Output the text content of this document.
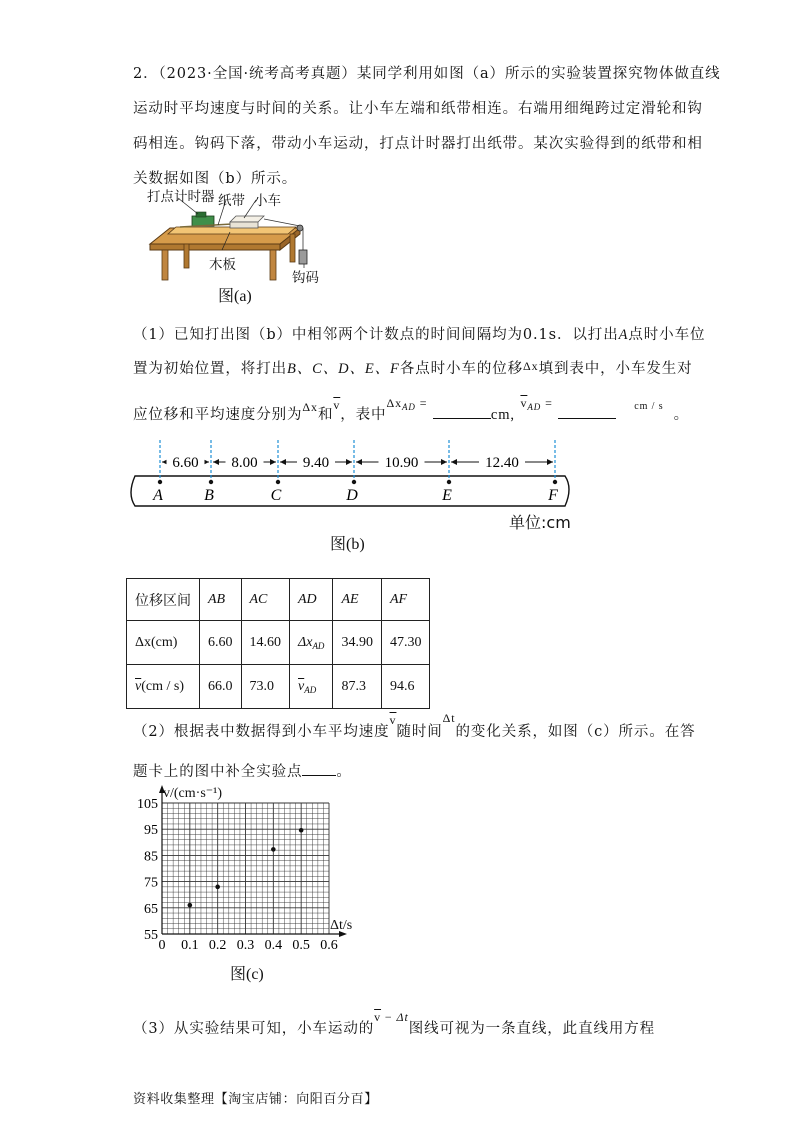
2．（2023·全国·统考高考真题）某同学利用如图（a）所示的实验装置探究物体做直线
运动时平均速度与时间的关系。让小车左端和纸带相连。右端用细绳跨过定滑轮和钩
码相连。钩码下落，带动小车运动，打点计时器打出纸带。某次实验得到的纸带和相
关数据如图（b）所示。
打点计时器 纸带 小车
木板
钩码
图(a)
（1）已知打出图（b）中相邻两个计数点的时间间隔均为0.1s．以打出A点时小车位
置为初始位置，将打出B、C、D、E、F各点时小车的位移$^{\Delta x}$填到表中，小车发生对
应位移和平均速度分别为$^{\Delta x}$和$^{\overline{v}}$，表中$^{\Delta x_{AD} =}$ cm, $^{\overline{v}_{AD} =}$	$^{cm / s}$。
A	B	C	D	E	F
6.60 8.00	9.40	10.90	12.40
单位:cm
图(b)
位移区间	AB	AC	AD	AE	AF
Δx(cm)	6.60	14.60	$\Delta x_{AD}$	34.90	47.30
$\overline{v}(cm / s)$	66.0	73.0	$\overline{v}_{AD}$	87.3	94.6
（2）根据表中数据得到小车平均速度$^{\overline{v}}$随时间$^{\Delta t}$的变化关系，如图（c）所示。在答
题卡上的图中补全实验点 。
0 0.1 0.2 0.3 0.4 0.5 0.6
55
65
75
85
95
105
v/(cm·s⁻¹)
Δt/s
图(c)
（3）从实验结果可知，小车运动的$^{\overline{v} - \Delta t}$图线可视为一条直线，此直线用方程
资料收集整理【淘宝店铺：向阳百分百】
